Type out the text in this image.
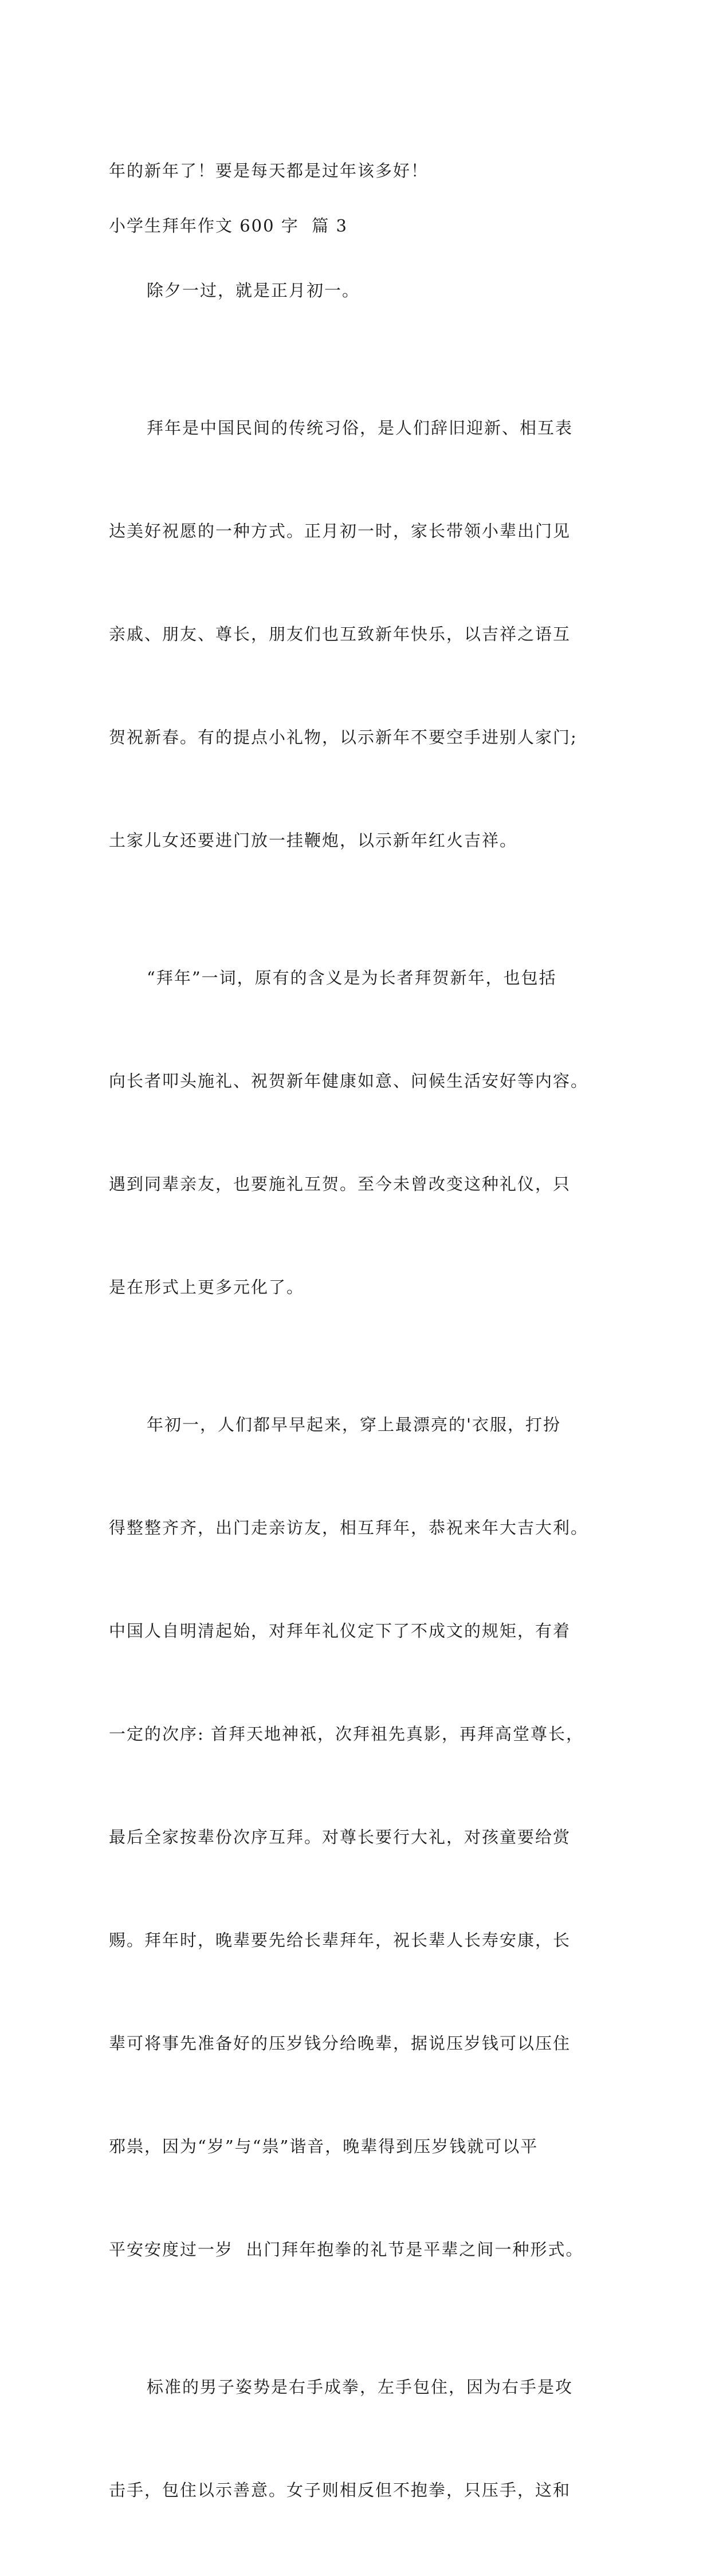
年的新年了！要是每天都是过年该多好！

小学生拜年作文 600 字  篇 3

除夕一过，就是正月初一。

拜年是中国民间的传统习俗，是人们辞旧迎新、相互表

达美好祝愿的一种方式。正月初一时，家长带领小辈出门见

亲戚、朋友、尊长，朋友们也互致新年快乐，以吉祥之语互

贺祝新春。有的提点小礼物，以示新年不要空手进别人家门;

土家儿女还要进门放一挂鞭炮，以示新年红火吉祥。

“拜年”一词，原有的含义是为长者拜贺新年，也包括

向长者叩头施礼、祝贺新年健康如意、问候生活安好等内容。

遇到同辈亲友，也要施礼互贺。至今未曾改变这种礼仪，只

是在形式上更多元化了。

年初一，人们都早早起来，穿上最漂亮的'衣服，打扮

得整整齐齐，出门走亲访友，相互拜年，恭祝来年大吉大利。

中国人自明清起始，对拜年礼仪定下了不成文的规矩，有着

一定的次序: 首拜天地神祇，次拜祖先真影，再拜高堂尊长，

最后全家按辈份次序互拜。对尊长要行大礼，对孩童要给赏

赐。拜年时，晚辈要先给长辈拜年，祝长辈人长寿安康，长

辈可将事先准备好的压岁钱分给晚辈，据说压岁钱可以压住

邪祟，因为“岁”与“祟”谐音，晚辈得到压岁钱就可以平

平安安度过一岁  出门拜年抱拳的礼节是平辈之间一种形式。

标准的男子姿势是右手成拳，左手包住，因为右手是攻

击手，包住以示善意。女子则相反但不抱拳，只压手，这和
